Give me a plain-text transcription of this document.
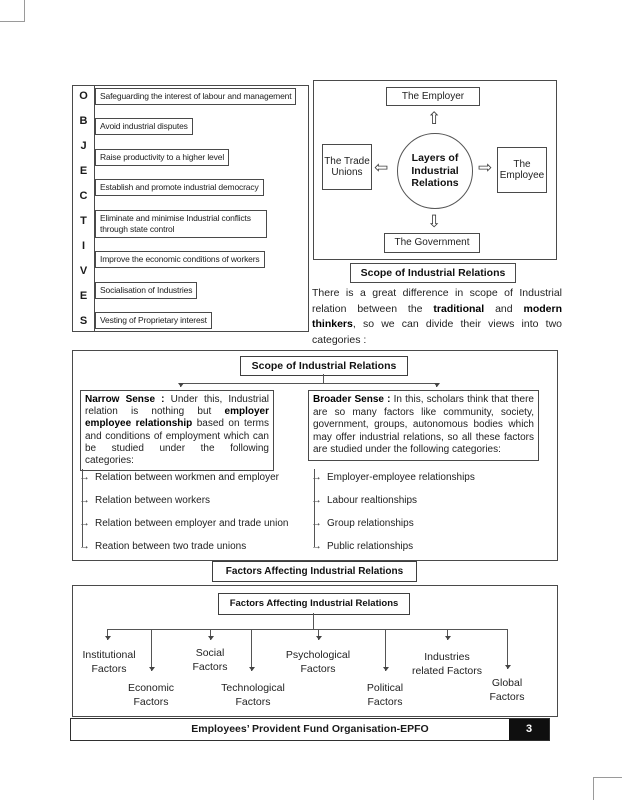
O
B
J
E
C
T
I
V
E
S
Safeguarding the interest of labour and management
Avoid industrial disputes
Raise productivity to a higher level
Establish and promote industrial democracy
Eliminate and minimise Industrial conflicts through state control
Improve the economic conditions of workers
Socialisation of Industries
Vesting of Proprietary interest
The Employer
The Trade Unions
The Employee
The Government
Layers of Industrial Relations
⇧
⇩
⇦	⇨
Scope of Industrial Relations
There is a great difference in scope of Industrial relation between the traditional and modern thinkers, so we can divide their views into two categories :
Scope of Industrial Relations
Narrow Sense : Under this, Industrial relation is nothing but employer employee relationship based on terms and conditions of employment which can be studied under the following categories:
Broader Sense : In this, scholars think that there are so many factors like community, society, government, groups, autonomous bodies which may offer industrial relations, so all these factors are studied under the following categories:
→ Relation between workmen and employer
→ Relation between workers
→ Relation between employer and trade union
→ Reation between two trade unions
→ Employer-employee relationships
→ Labour realtionships
→ Group relationships
→ Public relationships
Factors Affecting Industrial Relations
Factors Affecting Industrial Relations
Institutional Factors
Economic Factors
Social Factors
Technological Factors
Psychological Factors
Political Factors
Industries related Factors
Global Factors
Employees’ Provident Fund Organisation-EPFO	3
